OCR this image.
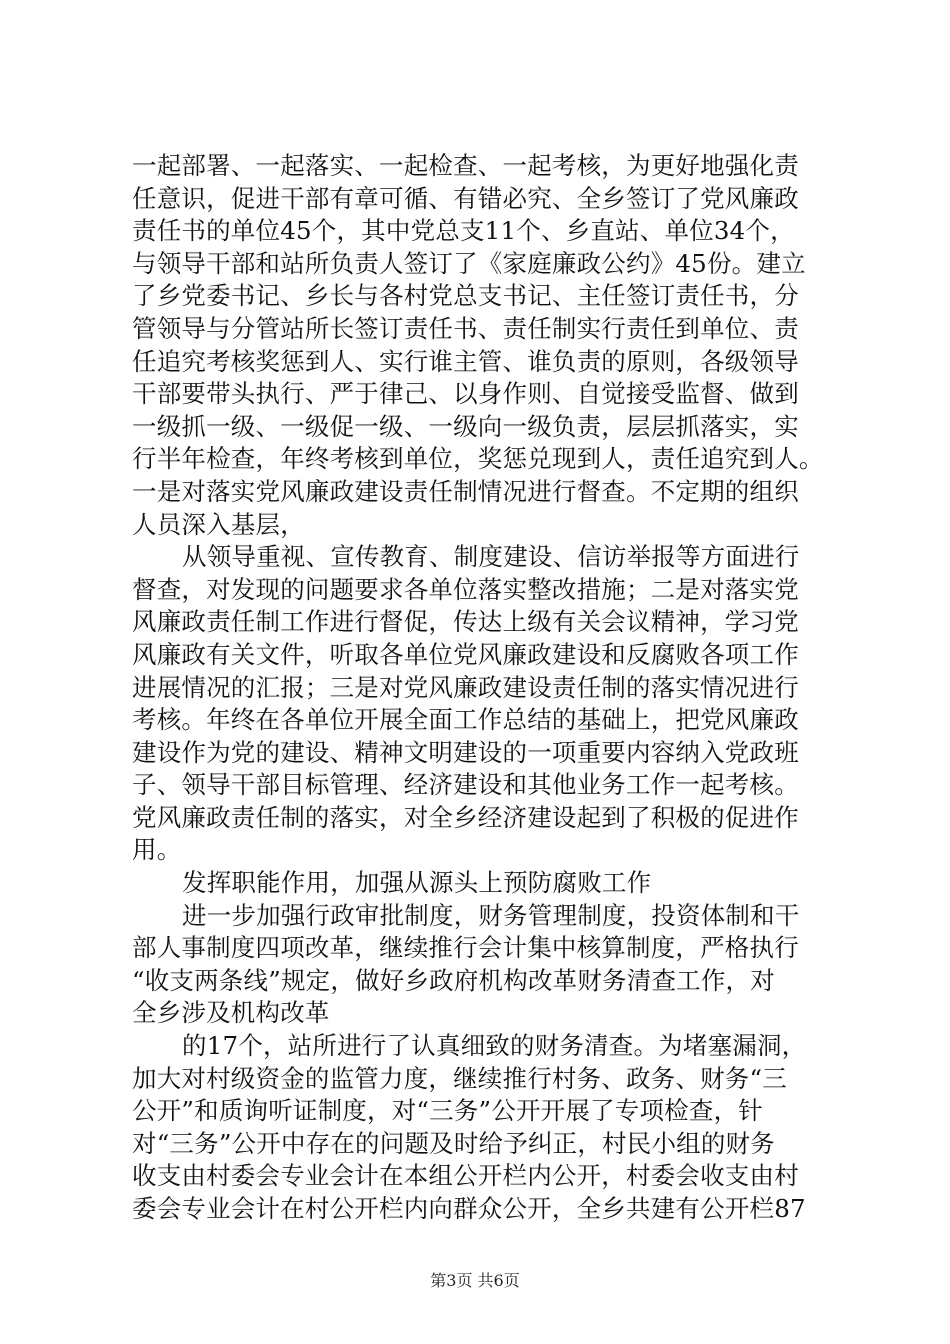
一起部署、一起落实、一起检查、一起考核，为更好地强化责
任意识，促进干部有章可循、有错必究、全乡签订了党风廉政
责任书的单位45个，其中党总支11个、乡直站、单位34个，
与领导干部和站所负责人签订了《家庭廉政公约》45份。建立
了乡党委书记、乡长与各村党总支书记、主任签订责任书，分
管领导与分管站所长签订责任书、责任制实行责任到单位、责
任追究考核奖惩到人、实行谁主管、谁负责的原则，各级领导
干部要带头执行、严于律己、以身作则、自觉接受监督、做到
一级抓一级、一级促一级、一级向一级负责，层层抓落实，实
行半年检查，年终考核到单位，奖惩兑现到人，责任追究到人。
一是对落实党风廉政建设责任制情况进行督查。不定期的组织
人员深入基层，
从领导重视、宣传教育、制度建设、信访举报等方面进行
督查，对发现的问题要求各单位落实整改措施；二是对落实党
风廉政责任制工作进行督促，传达上级有关会议精神，学习党
风廉政有关文件，听取各单位党风廉政建设和反腐败各项工作
进展情况的汇报；三是对党风廉政建设责任制的落实情况进行
考核。年终在各单位开展全面工作总结的基础上，把党风廉政
建设作为党的建设、精神文明建设的一项重要内容纳入党政班
子、领导干部目标管理、经济建设和其他业务工作一起考核。
党风廉政责任制的落实，对全乡经济建设起到了积极的促进作
用。
发挥职能作用，加强从源头上预防腐败工作
进一步加强行政审批制度，财务管理制度，投资体制和干
部人事制度四项改革，继续推行会计集中核算制度，严格执行
“收支两条线”规定，做好乡政府机构改革财务清查工作，对
全乡涉及机构改革
的17个，站所进行了认真细致的财务清查。为堵塞漏洞，
加大对村级资金的监管力度，继续推行村务、政务、财务“三
公开”和质询听证制度，对“三务”公开开展了专项检查，针
对“三务”公开中存在的问题及时给予纠正，村民小组的财务
收支由村委会专业会计在本组公开栏内公开，村委会收支由村
委会专业会计在村公开栏内向群众公开，全乡共建有公开栏87
第3页 共6页
